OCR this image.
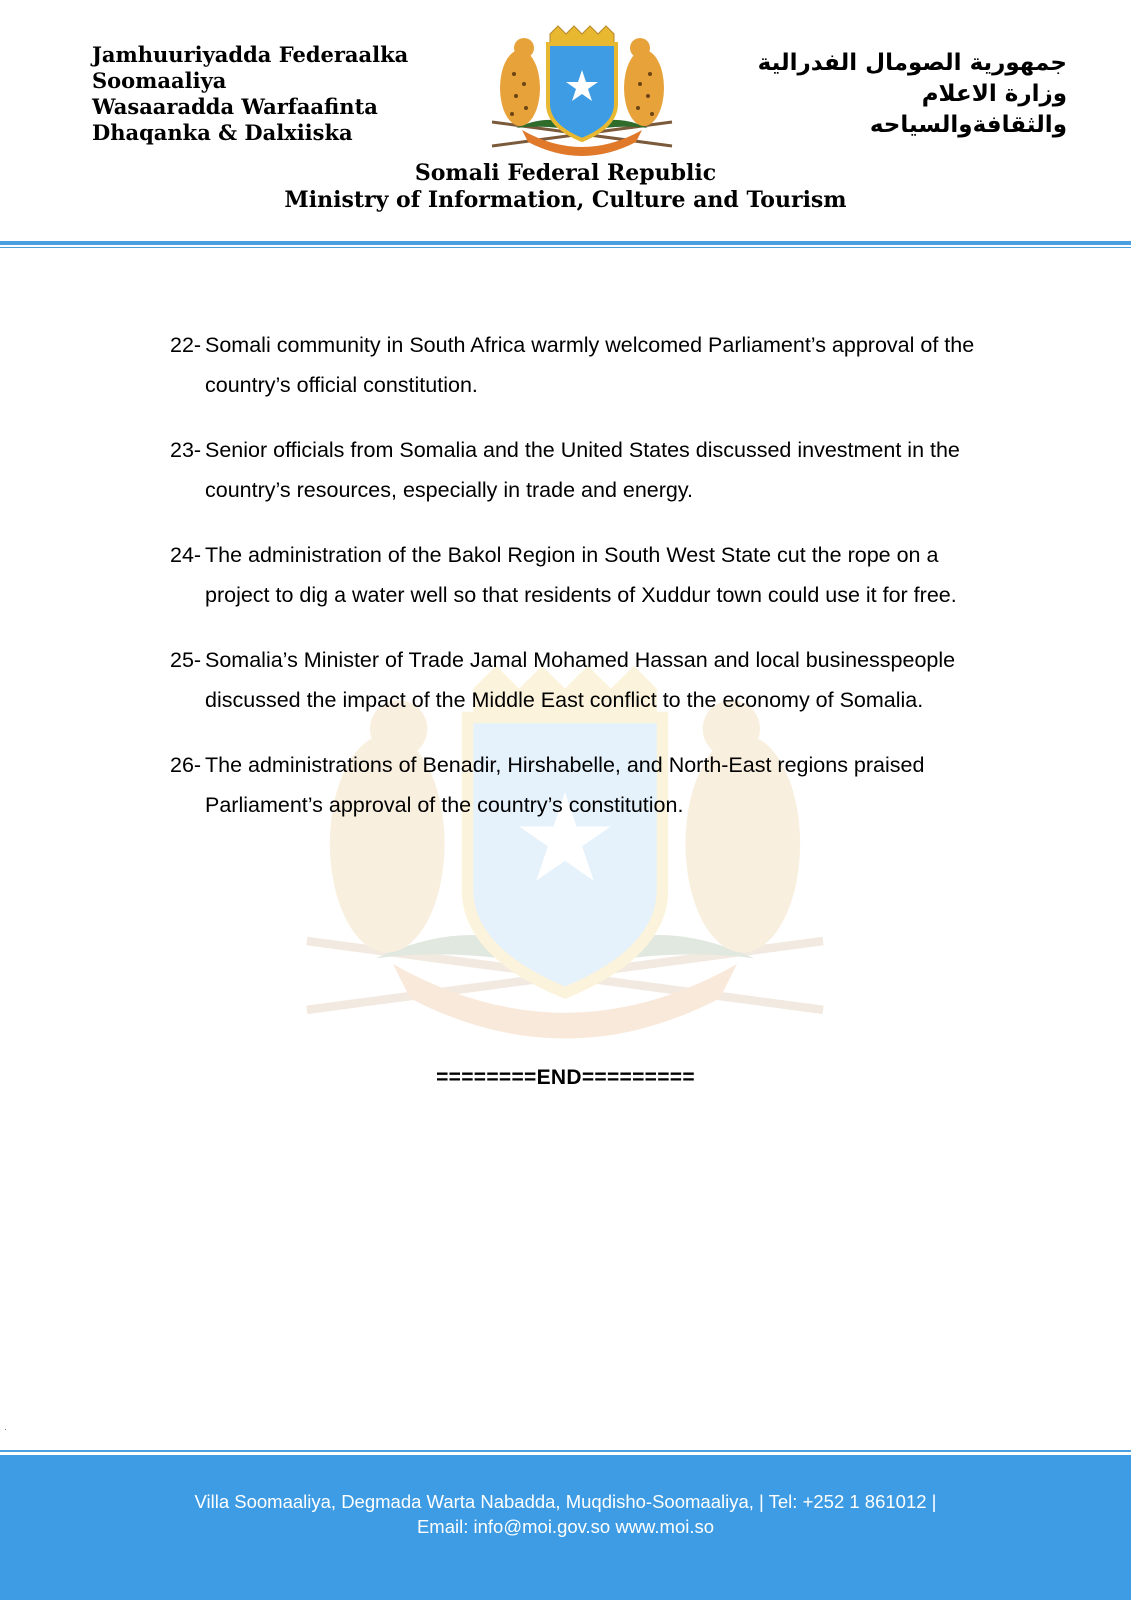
Jamhuuriyadda Federaalka
Soomaaliya
Wasaaradda Warfaafinta
Dhaqanka & Dalxiiska
جمهورية الصومال الفدرالية
وزارة الاعلام
والثقافةوالسياحه
Somali Federal Republic
Ministry of Information, Culture and Tourism
22- Somali community in South Africa warmly welcomed Parliament’s approval of the country’s official constitution.
23- Senior officials from Somalia and the United States discussed investment in the country’s resources, especially in trade and energy.
24- The administration of the Bakol Region in South West State cut the rope on a project to dig a water well so that residents of Xuddur town could use it for free.
25- Somalia’s Minister of Trade Jamal Mohamed Hassan and local businesspeople discussed the impact of the Middle East conflict to the economy of Somalia.
26- The administrations of Benadir, Hirshabelle, and North-East regions praised Parliament’s approval of the country’s constitution.
========END=========
.
Villa Soomaaliya, Degmada Warta Nabadda, Muqdisho-Soomaaliya, | Tel: +252 1 861012 |
Email: info@moi.gov.so www.moi.so
